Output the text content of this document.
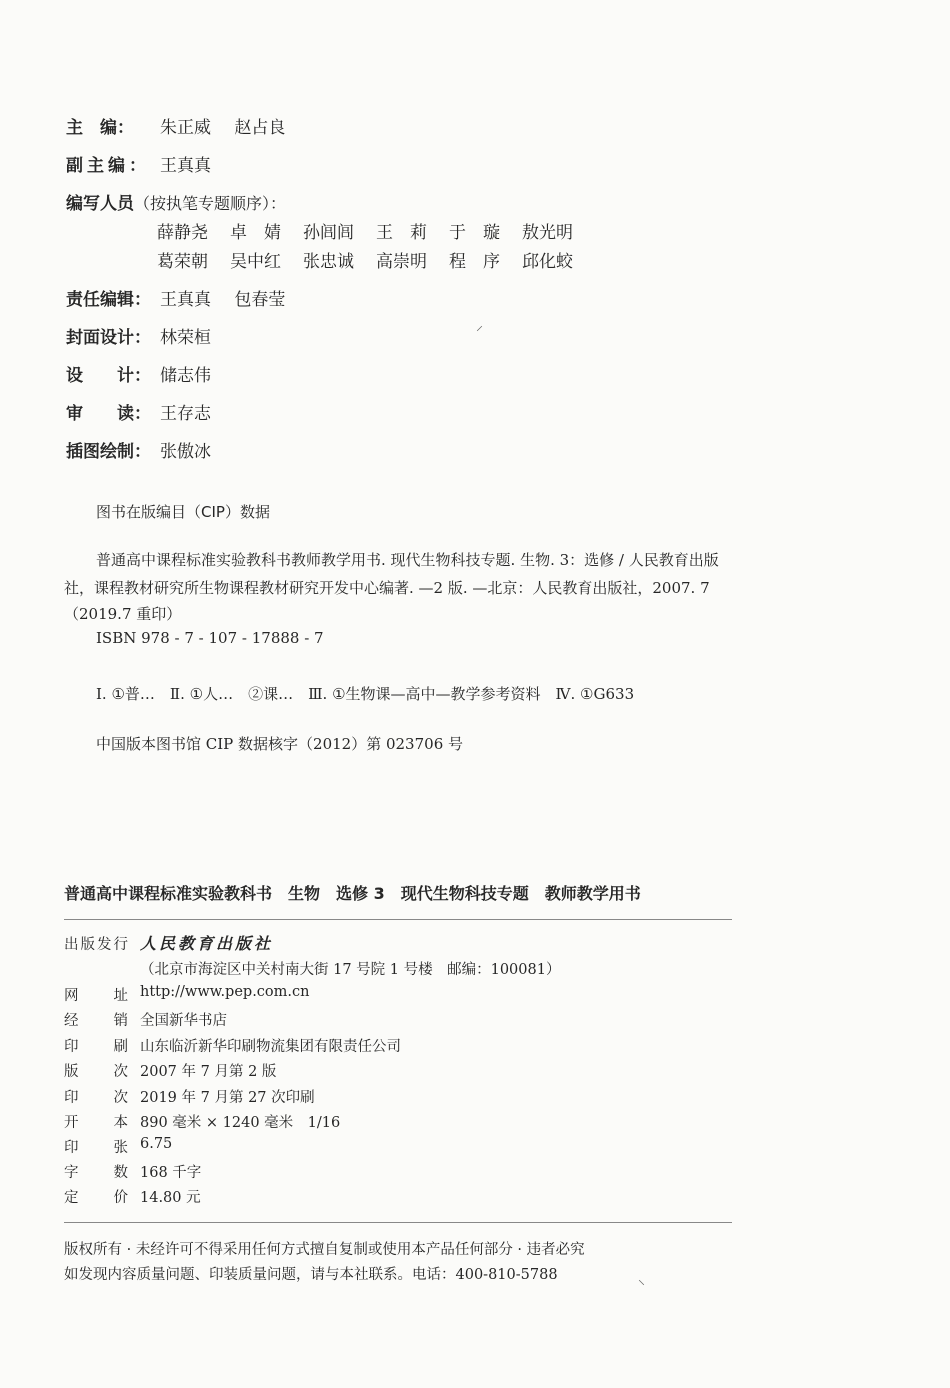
主　编：	朱正威 赵占良
副主编： 王真真
编写人员 （按执笔专题顺序）：
薛静尧	卓　婧	孙闾闾	王　莉	于　璇	敖光明
葛荣朝	吴中红	张忠诚	高崇明	程　序	邱化蛟
责任编辑： 王真真 包春莹
⸝
封面设计： 林荣桓
设　　计： 储志伟
审　　读： 王存志
插图绘制： 张傲冰
图书在版编目（CIP）数据
普通高中课程标准实验教科书教师教学用书. 现代生物科技专题. 生物. 3：选修 / 人民教育出版
社，课程教材研究所生物课程教材研究开发中心编著. —2 版. —北京：人民教育出版社，2007. 7
（2019.7 重印）
ISBN 978 - 7 - 107 - 17888 - 7
Ⅰ. ①普…　Ⅱ. ①人…　②课…　Ⅲ. ①生物课—高中—教学参考资料　Ⅳ. ①G633
中国版本图书馆 CIP 数据核字（2012）第 023706 号
普通高中课程标准实验教科书 生物 选修 3 现代生物科技专题 教师教学用书
出版发行 人民教育出版社
（北京市海淀区中关村南大街 17 号院 1 号楼　邮编：100081）
网　址 http://www.pep.com.cn
经　销 全国新华书店
印　刷 山东临沂新华印刷物流集团有限责任公司
版　次 2007 年 7 月第 2 版
印　次 2019 年 7 月第 27 次印刷
开　本 890 毫米 × 1240 毫米　1/16
印　张 6.75
字　数 168 千字
定　价 14.80 元
版权所有 · 未经许可不得采用任何方式擅自复制或使用本产品任何部分 · 违者必究
如发现内容质量问题、印装质量问题，请与本社联系。电话：400-810-5788	⸜
